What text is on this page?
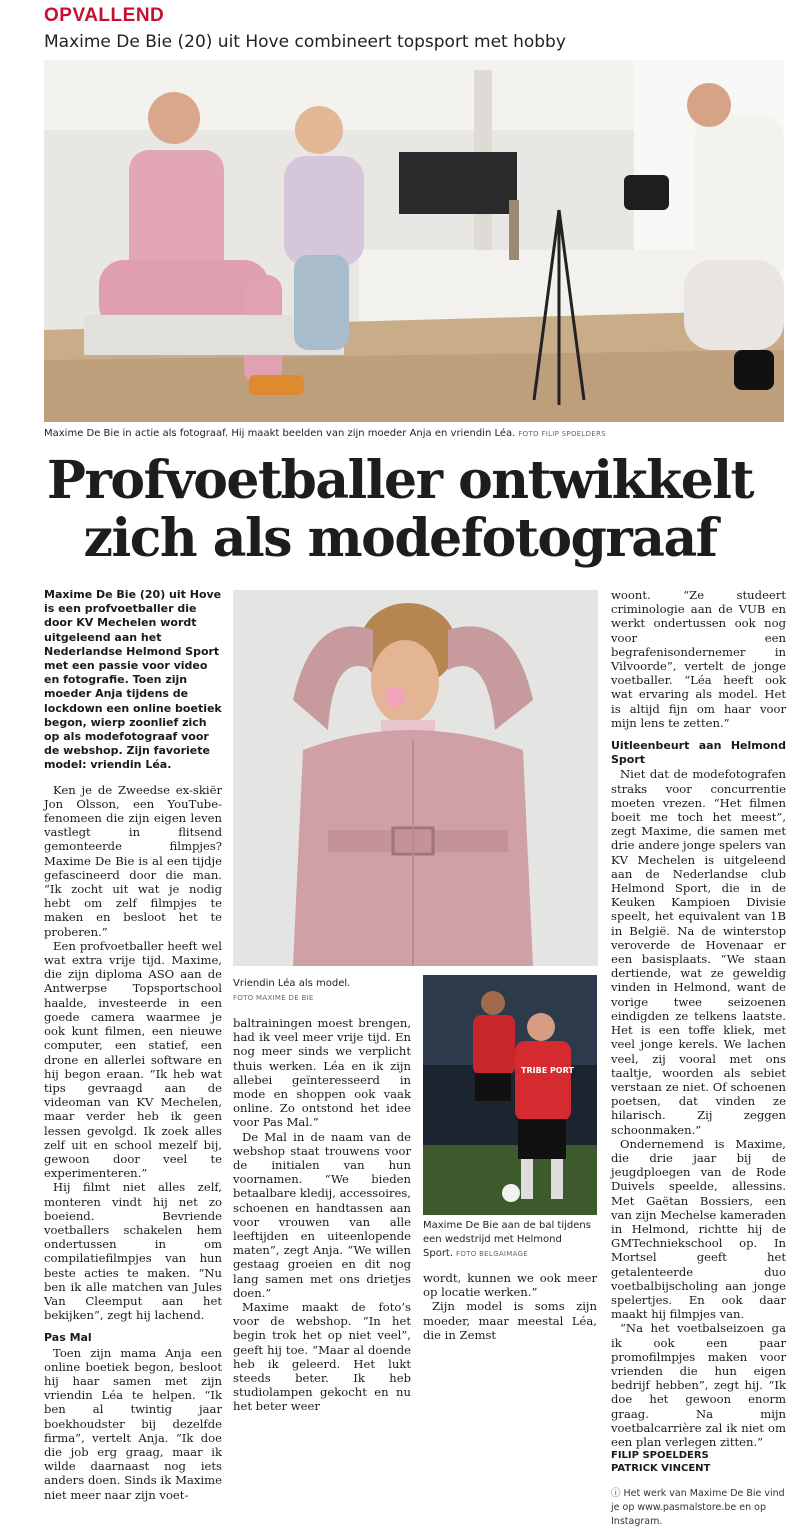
OPVALLEND
Maxime De Bie (20) uit Hove combineert topsport met hobby
Maxime De Bie in actie als fotograaf. Hij maakt beelden van zijn moeder Anja en vriendin Léa. FOTO FILIP SPOELDERS
Profvoetballer ontwikkelt
zich als modefotograaf

Maxime De Bie (20) uit Hove is een profvoetballer die door KV Mechelen wordt uitgeleend aan het Nederlandse Helmond Sport met een passie voor video en fotografie. Toen zijn moeder Anja tijdens de lockdown een online boetiek begon, wierp zoonlief zich op als modefotograaf voor de webshop. Zijn favoriete model: vriendin Léa.

Ken je de Zweedse ex-skiër Jon Olsson, een YouTube-fenomeen die zijn eigen leven vastlegt in flitsend gemonteerde filmpjes? Maxime De Bie is al een tijdje gefascineerd door die man. “Ik zocht uit wat je nodig hebt om zelf filmpjes te maken en besloot het te proberen.”

Een profvoetballer heeft wel wat extra vrije tijd. Maxime, die zijn diploma ASO aan de Antwerpse Topsportschool haalde, investeerde in een goede camera waarmee je ook kunt filmen, een nieuwe computer, een statief, een drone en allerlei software en hij begon eraan. “Ik heb wat tips gevraagd aan de videoman van KV Mechelen, maar verder heb ik geen lessen gevolgd. Ik zoek alles zelf uit en school mezelf bij, gewoon door veel te experimenteren.”

Hij filmt niet alles zelf, monteren vindt hij net zo boeiend. Bevriende voetballers schakelen hem ondertussen in om compilatiefilmpjes van hun beste acties te maken. “Nu ben ik alle matchen van Jules Van Cleemput aan het bekijken”, zegt hij lachend.

Pas Mal

Toen zijn mama Anja een online boetiek begon, besloot hij haar samen met zijn vriendin Léa te helpen. “Ik ben al twintig jaar boekhoudster bij dezelfde firma”, vertelt Anja. “Ik doe die job erg graag, maar ik wilde daarnaast nog iets anders doen. Sinds ik Maxime niet meer naar zijn voet-

Vriendin Léa als model.
FOTO MAXIME DE BIE

baltrainingen moest brengen, had ik veel meer vrije tijd. En nog meer sinds we verplicht thuis werken. Léa en ik zijn allebei geïnteresseerd in mode en shoppen ook vaak online. Zo ontstond het idee voor Pas Mal.”

De Mal in de naam van de webshop staat trouwens voor de initialen van hun voornamen. “We bieden betaalbare kledij, accessoires, schoenen en handtassen aan voor vrouwen van alle leeftijden en uiteenlopende maten”, zegt Anja. “We willen gestaag groeien en dit nog lang samen met ons drietjes doen.”

Maxime maakt de foto’s voor de webshop. “In het begin trok het op niet veel”, geeft hij toe. “Maar al doende heb ik geleerd. Het lukt steeds beter. Ik heb studiolampen gekocht en nu het beter weer

TRIBE PORT
Maxime De Bie aan de bal tijdens een wedstrijd met Helmond Sport. FOTO BELGAIMAGE

wordt, kunnen we ook meer op locatie werken.”

Zijn model is soms zijn moeder, maar meestal Léa, die in Zemst

woont. “Ze studeert criminologie aan de VUB en werkt ondertussen ook nog voor een begrafenisondernemer in Vilvoorde”, vertelt de jonge voetballer. “Léa heeft ook wat ervaring als model. Het is altijd fijn om haar voor mijn lens te zetten.”

Uitleenbeurt aan Helmond Sport

Niet dat de modefotografen straks voor concurrentie moeten vrezen. “Het filmen boeit me toch het meest”, zegt Maxime, die samen met drie andere jonge spelers van KV Mechelen is uitgeleend aan de Nederlandse club Helmond Sport, die in de Keuken Kampioen Divisie speelt, het equivalent van 1B in België. Na de winterstop veroverde de Hovenaar er een basisplaats. “We staan dertiende, wat ze geweldig vinden in Helmond, want de vorige twee seizoenen eindigden ze telkens laatste. Het is een toffe kliek, met veel jonge kerels. We lachen veel, zij vooral met ons taaltje, woorden als sebiet verstaan ze niet. Of schoenen poetsen, dat vinden ze hilarisch. Zij zeggen schoonmaken.”

Ondernemend is Maxime, die drie jaar bij de jeugdploegen van de Rode Duivels speelde, allessins. Met Gaëtan Bossiers, een van zijn Mechelse kameraden in Helmond, richtte hij de GMTechniekschool op. In Mortsel geeft het getalenteerde duo voetbalbijscholing aan jonge spelertjes. En ook daar maakt hij filmpjes van.

“Na het voetbalseizoen ga ik ook een paar promofilmpjes maken voor vrienden die hun eigen bedrijf hebben”, zegt hij. “Ik doe het gewoon enorm graag. Na mijn voetbalcarrière zal ik niet om een plan verlegen zitten.”

FILIP SPOELDERS
PATRICK VINCENT
ⓘ Het werk van Maxime De Bie vind je op www.pasmalstore.be en op Instagram.
